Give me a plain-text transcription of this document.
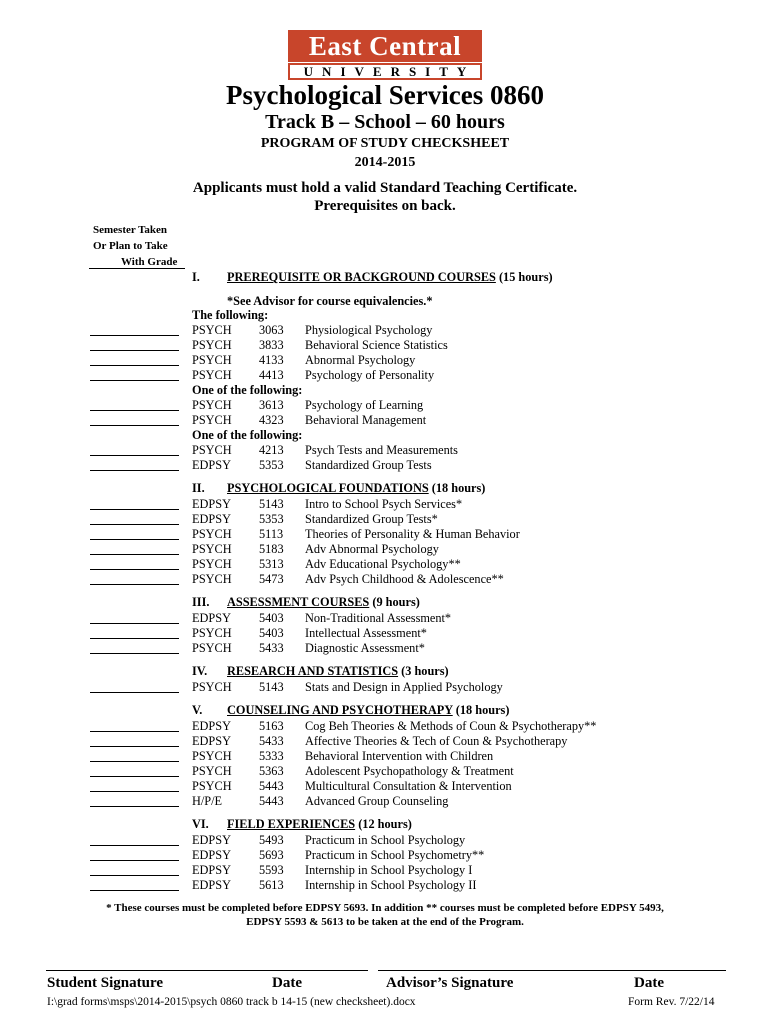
East Central
UNIVERSITY
Psychological Services 0860
Track B – School – 60 hours
PROGRAM OF STUDY CHECKSHEET
2014-2015
Applicants must hold a valid Standard Teaching Certificate.
Prerequisites on back.
Semester Taken
Or Plan to Take
With Grade
I. PREREQUISITE OR BACKGROUND COURSES (15 hours)
*See Advisor for course equivalencies.*
The following:
PSYCH 3063 Physiological Psychology
PSYCH 3833 Behavioral Science Statistics
PSYCH 4133 Abnormal Psychology
PSYCH 4413 Psychology of Personality
One of the following:
PSYCH 3613 Psychology of Learning
PSYCH 4323 Behavioral Management
One of the following:
PSYCH 4213 Psych Tests and Measurements
EDPSY 5353 Standardized Group Tests
II. PSYCHOLOGICAL FOUNDATIONS (18 hours)
EDPSY 5143 Intro to School Psych Services*
EDPSY 5353 Standardized Group Tests*
PSYCH 5113 Theories of Personality & Human Behavior
PSYCH 5183 Adv Abnormal Psychology
PSYCH 5313 Adv Educational Psychology**
PSYCH 5473 Adv Psych Childhood & Adolescence**
III. ASSESSMENT COURSES (9 hours)
EDPSY 5403 Non-Traditional Assessment*
PSYCH 5403 Intellectual Assessment*
PSYCH 5433 Diagnostic Assessment*
IV. RESEARCH AND STATISTICS (3 hours)
PSYCH 5143 Stats and Design in Applied Psychology
V. COUNSELING AND PSYCHOTHERAPY (18 hours)
EDPSY 5163 Cog Beh Theories & Methods of Coun & Psychotherapy**
EDPSY 5433 Affective Theories & Tech of Coun & Psychotherapy
PSYCH 5333 Behavioral Intervention with Children
PSYCH 5363 Adolescent Psychopathology & Treatment
PSYCH 5443 Multicultural Consultation & Intervention
H/P/E	5443 Advanced Group Counseling
VI. FIELD EXPERIENCES (12 hours)
EDPSY 5493 Practicum in School Psychology
EDPSY 5693 Practicum in School Psychometry**
EDPSY 5593 Internship in School Psychology I
EDPSY 5613 Internship in School Psychology II
* These courses must be completed before EDPSY 5693. In addition ** courses must be completed before EDPSY 5493,
EDPSY 5593 & 5613 to be taken at the end of the Program.
Student Signature	Date	Advisor’s Signature	Date
I:\grad forms\msps\2014-2015\psych 0860 track b 14-15 (new checksheet).docx	Form Rev. 7/22/14
